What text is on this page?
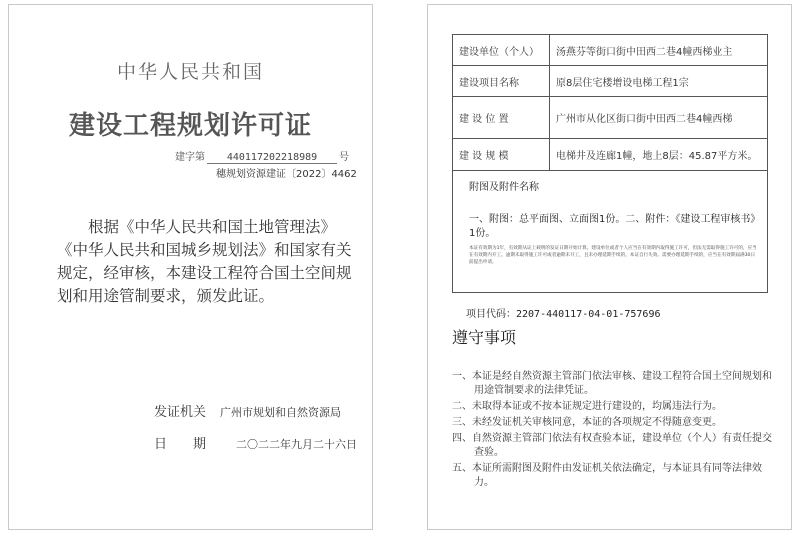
中华人民共和国
建设工程规划许可证
建字第 440117202218989 号
穗规划资源建证〔2022〕4462
根据《中华人民共和国土地管理法》《中华人民共和国城乡规划法》和国家有关规定，经审核，本建设工程符合国土空间规划和用途管制要求，颁发此证。
发证机关 广州市规划和自然资源局
日　　期	二〇二二年九月二十六日
建设单位（个人）	汤燕芬等街口街中田西二巷4幢西梯业主
建设项目名称	原8层住宅楼增设电梯工程1宗
建 设 位 置	广州市从化区街口街中田西二巷4幢西梯
建 设 规 模	电梯井及连廊1幢，地上8层：45.87平方米。
附图及附件名称
一、附图：总平面图、立面图1份。二、附件：《建设工程审核书》1份。
本证有效期为1年，有效期从证上载明的发证日期开始计算。建设单位或者个人应当在有效期内取得施工许可，但法无需取得施工许可的，应当在有效期内开工。逾期未取得施工许可或者逾期未开工，且未办理延期手续的，本证自行失效。需要办理延期手续的，应当在有效期届满30日前提出申请。
项目代码：2207-440117-04-01-757696
遵守事项
一、本证是经自然资源主管部门依法审核、建设工程符合国土空间规划和用途管制要求的法律凭证。
二、未取得本证或不按本证规定进行建设的，均属违法行为。
三、未经发证机关审核同意，本证的各项规定不得随意变更。
四、自然资源主管部门依法有权查验本证，建设单位（个人）有责任提交查验。
五、本证所需附图及附件由发证机关依法确定，与本证具有同等法律效力。
